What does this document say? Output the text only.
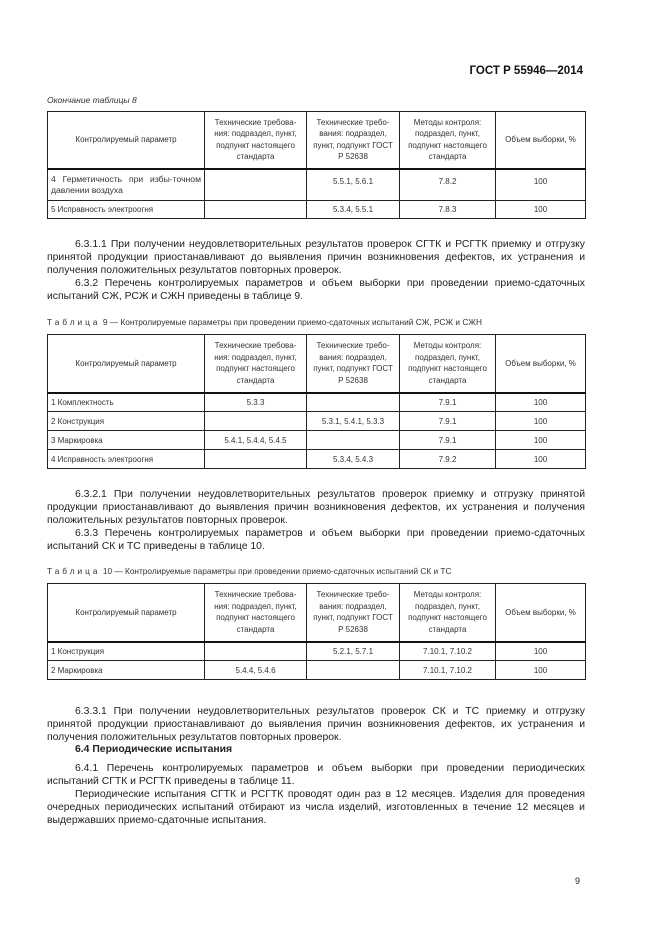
ГОСТ Р 55946—2014
Окончание таблицы 8
Контролируемый параметр	Технические требова-ния: подраздел, пункт, подпункт настоящего стандарта	Технические требо-вания: подраздел, пункт, подпункт ГОСТ Р 52638	Методы контроля: подраздел, пункт, подпункт настоящего стандарта	Объем выборки, %
4 Герметичность при избы-точном давлении воздуха		5.5.1, 5.6.1	7.8.2	100
5 Исправность электроогня		5.3.4, 5.5.1	7.8.3	100

6.3.1.1 При получении неудовлетворительных результатов проверок СГТК и РСГТК приемку и отгрузку принятой продукции приостанавливают до выявления причин возникновения дефектов, их устранения и получения положительных результатов повторных проверок.

6.3.2 Перечень контролируемых параметров и объем выборки при проведении приемо-сдаточных испытаний СЖ, РСЖ и СЖН приведены в таблице 9.

Таблица 9 — Контролируемые параметры при проведении приемо-сдаточных испытаний СЖ, РСЖ и СЖН
Контролируемый параметр	Технические требова-ния: подраздел, пункт, подпункт настоящего стандарта	Технические требо-вания: подраздел, пункт, подпункт ГОСТ Р 52638	Методы контроля: подраздел, пункт, подпункт настоящего стандарта	Объем выборки, %
1 Комплектность	5.3.3		7.9.1	100
2 Конструкция		5.3.1, 5.4.1, 5.3.3	7.9.1	100
3 Маркировка	5.4.1, 5.4.4, 5.4.5		7.9.1	100
4 Исправность электроогня		5.3.4, 5.4.3	7.9.2	100

6.3.2.1 При получении неудовлетворительных результатов проверок приемку и отгрузку принятой продукции приостанавливают до выявления причин возникновения дефектов, их устранения и получения положительных результатов повторных проверок.

6.3.3 Перечень контролируемых параметров и объем выборки при проведении приемо-сдаточных испытаний СК и ТС приведены в таблице 10.

Таблица 10 — Контролируемые параметры при проведении приемо-сдаточных испытаний СК и ТС
Контролируемый параметр	Технические требова-ния: подраздел, пункт, подпункт настоящего стандарта	Технические требо-вания: подраздел, пункт, подпункт ГОСТ Р 52638	Методы контроля: подраздел, пункт, подпункт настоящего стандарта	Объем выборки, %
1 Конструкция		5.2.1, 5.7.1	7.10.1, 7.10.2	100
2 Маркировка	5.4.4, 5.4.6		7.10.1, 7.10.2	100

6.3.3.1 При получении неудовлетворительных результатов проверок СК и ТС приемку и отгрузку принятой продукции приостанавливают до выявления причин возникновения дефектов, их устранения и получения положительных результатов повторных проверок.

6.4 Периодические испытания

6.4.1 Перечень контролируемых параметров и объем выборки при проведении периодических испытаний СГТК и РСГТК приведены в таблице 11.

Периодические испытания СГТК и РСГТК проводят один раз в 12 месяцев. Изделия для проведения очередных периодических испытаний отбирают из числа изделий, изготовленных в течение 12 месяцев и выдержавших приемо-сдаточные испытания.

9
